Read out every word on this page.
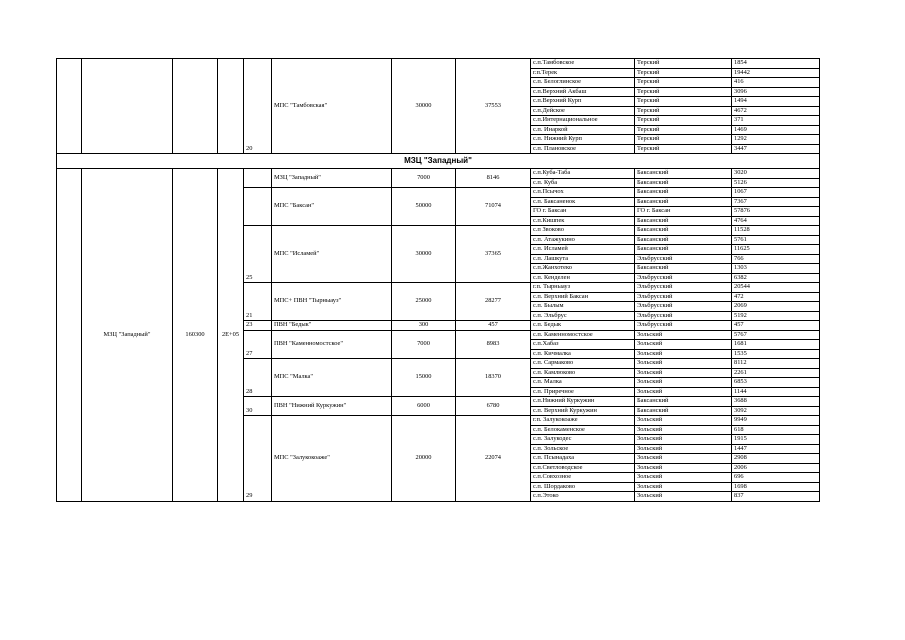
				20	МПС "Тамбовская"	30000	37553	с.п.Тамбовское	Терский	1854
								г.п.Терек	Терский	19442
								с.п. Белоглинское	Терский	416
								с.п.Верхний Акбаш	Терский	3096
								с.п.Верхний Курп	Терский	1494
								с.п.Дейское	Терский	4672
								с.п.Интернациональное	Терский	371
								с.п. Инаркой	Терский	1469
								с.п. Нижний Курп	Терский	1292
								с.п. Плановское	Терский	3447
МЗЦ "Западный"										
	МЗЦ "Западный"	160300	2E+05		МЗЦ "Западный"	7000	8146	с.п.Куба-Таба	Баксанский	3020
								с.п. Куба	Баксанский	5126
					МПС "Баксан"	50000	71074	с.п.Псычох	Баксанский	1067
								с.п. Баксаненок	Баксанский	7367
								ГО г. Баксан	ГО г. Баксан	57876
								с.п.Кишпек	Баксанский	4764
				25	МПС "Исламей"	30000	37365	с.п Звоково	Баксанский	11528
								с.п. Атажукино	Баксанский	5761
								с.п. Исламей	Баксанский	11625
								с.п. Лашкута	Эльбрусский	766
								с.п.Жанхотеко	Баксанский	1303
								с.п. Кенделен	Эльбрусский	6382
				21	МПС+ ПВН "Тырныауз"	25000	28277	г.п. Тырныауз	Эльбрусский	20544
								с.п. Верхний Баксан	Эльбрусский	472
								с.п. Былым	Эльбрусский	2069
								с.п. Эльбрус	Эльбрусский	5192
				23	ПВН "Бедык"	300	457	с.п. Бедык	Эльбрусский	457
				27	ПВН "Каменномостское"	7000	8983	с.п. Каменномостское	Зольский	5767
								с.п.Хабаз	Зольский	1681
								с.п. Кичмалка	Зольский	1535
				28	МПС "Малка"	15000	18370	с.п. Сармаково	Зольский	8112
								с.п. Камлюково	Зольский	2261
								с.п. Малка	Зольский	6853
								с.п. Приречное	Зольский	1144
				30	ПВН "Нижний Куркужин"	6000	6780	с.п.Нижний Куркужин	Баксанский	3688
								с.п. Верхний Куркужин	Баксанский	3092
				29	МПС "Залукокоаже"	20000	22074	г.п. Залукокоаже	Зольский	9949
								с.п. Белокаменское	Зольский	618
								с.п. Залукодес	Зольский	1915
								с.п. Зольское	Зольский	1447
								с.п. Псынадаха	Зольский	2908
								с.п.Светловодское	Зольский	2006
								с.п.Совхозное	Зольский	696
								с.п. Шордаково	Зольский	1698
								с.п.Этоко	Зольский	837
